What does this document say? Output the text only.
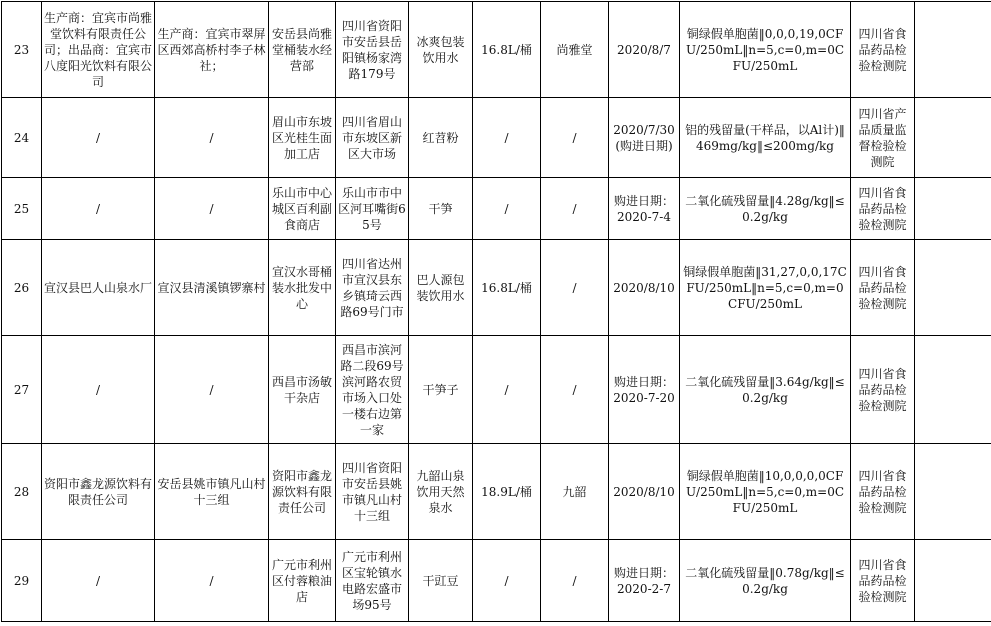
23	生产商：宜宾市尚雅堂饮料有限责任公司；出品商：宜宾市八度阳光饮料有限公司	生产商：宜宾市翠屏区西郊高桥村李子林社；	安岳县尚雅堂桶装水经营部	四川省资阳市安岳县岳阳镇杨家湾路179号	冰爽包装饮用水	16.8L/桶	尚雅堂	2020/8/7	铜绿假单胞菌‖0,0,0,19,0CFU/250mL‖n=5,c=0,m=0CFU/250mL	四川省食品药品检验检测院	
24	/	/	眉山市东坡区光桂生面加工店	四川省眉山市东坡区新区大市场	红苕粉	/	/	2020/7/30(购进日期)	铝的残留量(干样品，以Al计)‖469mg/kg‖≤200mg/kg	四川省产品质量监督检验检测院	
25	/	/	乐山市中心城区百利副食商店	乐山市市中区河耳嘴街65号	干笋	/	/	购进日期：2020-7-4	二氧化硫残留量‖4.28g/kg‖≤0.2g/kg	四川省食品药品检验检测院	
26	宣汉县巴人山泉水厂	宣汉县清溪镇锣寨村	宣汉水哥桶装水批发中心	四川省达州市宣汉县东乡镇琦云西路69号门市	巴人源包装饮用水	16.8L/桶	/	2020/8/10	铜绿假单胞菌‖31,27,0,0,17CFU/250mL‖n=5,c=0,m=0CFU/250mL	四川省食品药品检验检测院	
27	/	/	西昌市汤敏干杂店	西昌市滨河路二段69号滨河路农贸市场入口处一楼右边第一家	干笋子	/	/	购进日期：2020-7-20	二氧化硫残留量‖3.64g/kg‖≤0.2g/kg	四川省食品药品检验检测院	
28	资阳市鑫龙源饮料有限责任公司	安岳县姚市镇凡山村十三组	资阳市鑫龙源饮料有限责任公司	四川省资阳市安岳县姚市镇凡山村十三组	九韶山泉饮用天然泉水	18.9L/桶	九韶	2020/8/10	铜绿假单胞菌‖10,0,0,0,0CFU/250mL‖n=5,c=0,m=0CFU/250mL	四川省食品药品检验检测院	
29	/	/	广元市利州区付蓉粮油店	广元市利州区宝轮镇水电路宏盛市场95号	干豇豆	/	/	购进日期：2020-2-7	二氧化硫残留量‖0.78g/kg‖≤0.2g/kg	四川省食品药品检验检测院	
